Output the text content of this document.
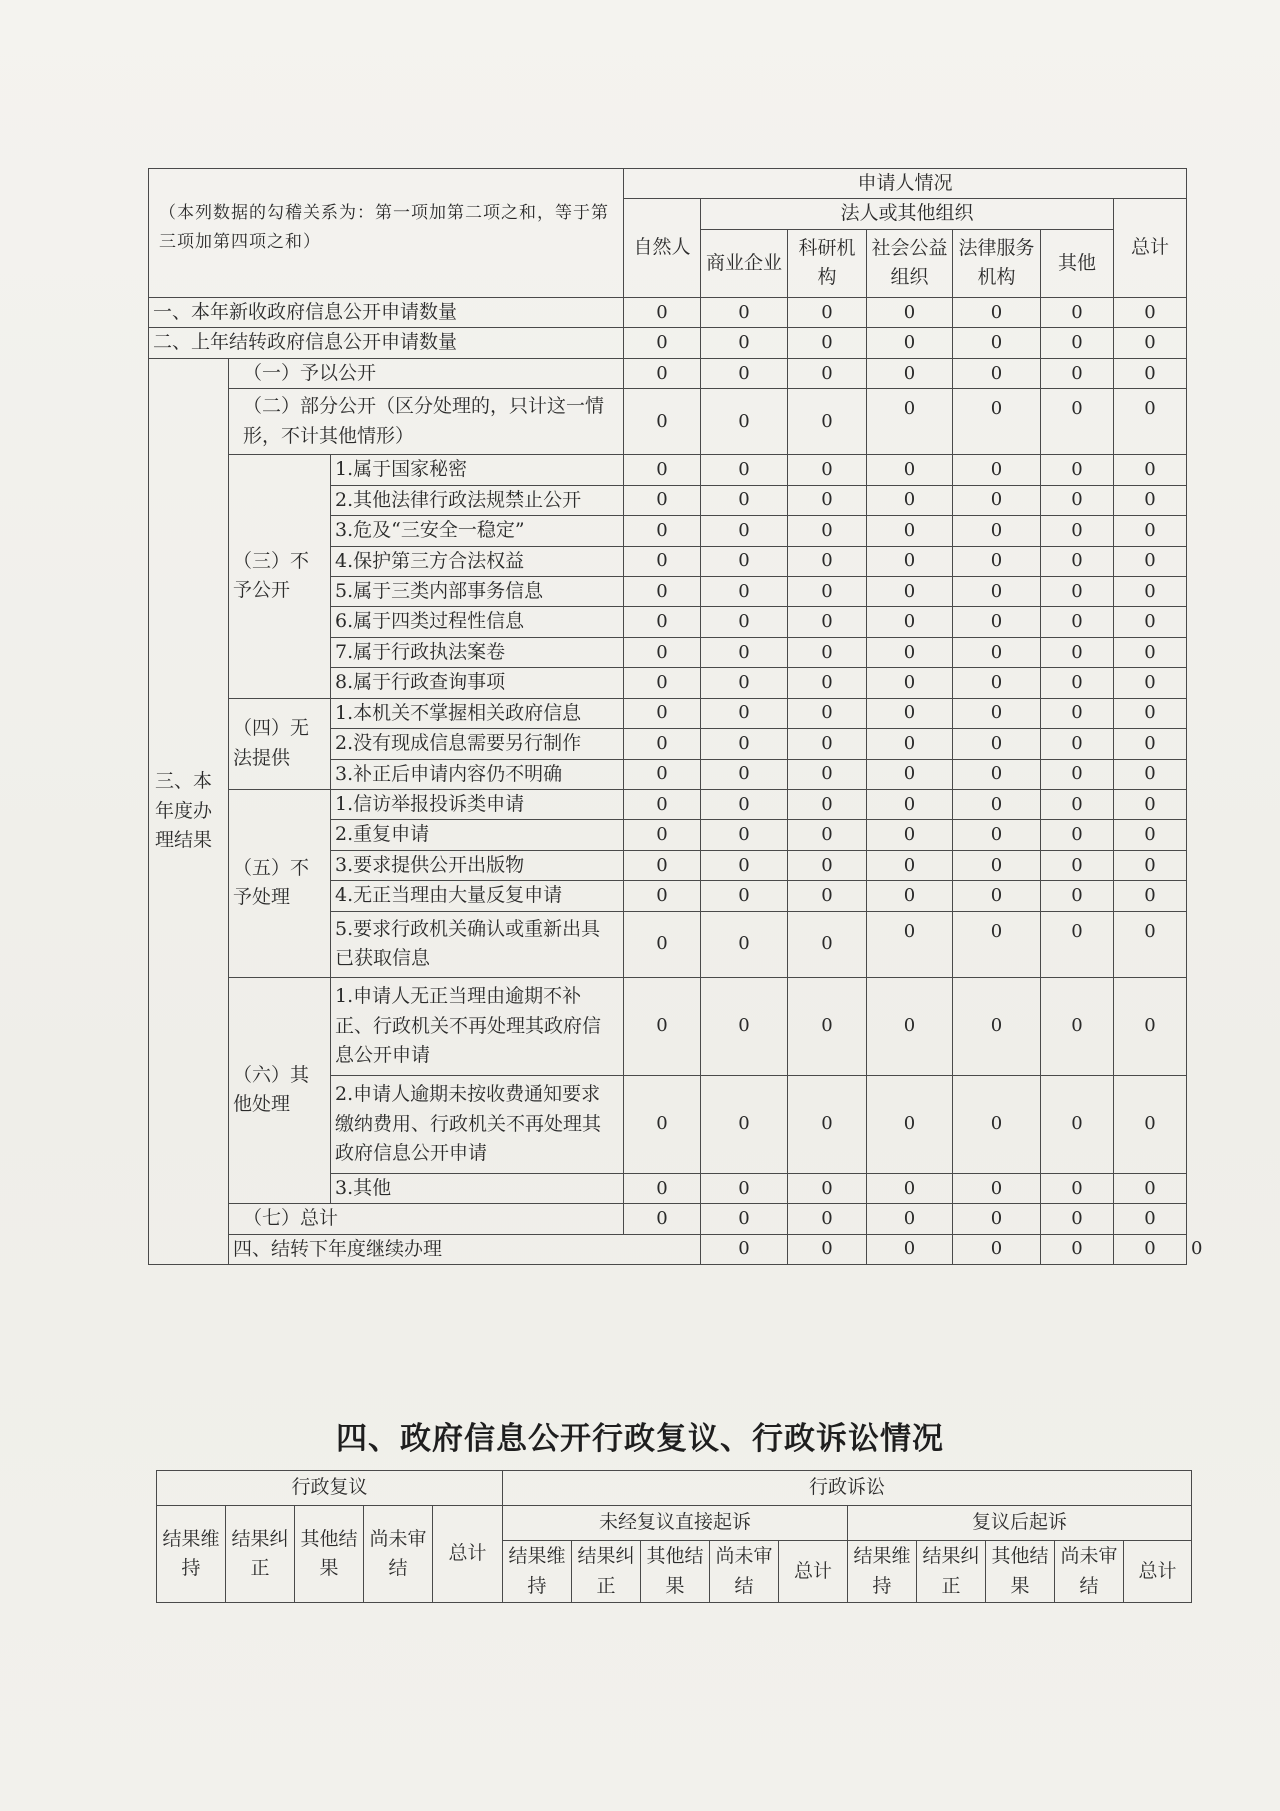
（本列数据的勾稽关系为：第一项加第二项之和，等于第三项加第四项之和）			申请人情况							
			自然人	法人或其他组织					总计	
				商业企业	科研机构	社会公益组织	法律服务机构	其他		
一、本年新收政府信息公开申请数量			0	0	0	0	0	0	0	
二、上年结转政府信息公开申请数量			0	0	0	0	0	0	0	
三、本年度办理结果	（一）予以公开		0	0	0	0	0	0	0	
	（二）部分公开（区分处理的，只计这一情形，不计其他情形）		0	0	0	0	0	0	0	
	（三）不予公开	1.属于国家秘密	0	0	0	0	0	0	0	
		2.其他法律行政法规禁止公开	0	0	0	0	0	0	0	
		3.危及“三安全一稳定”	0	0	0	0	0	0	0	
		4.保护第三方合法权益	0	0	0	0	0	0	0	
		5.属于三类内部事务信息	0	0	0	0	0	0	0	
		6.属于四类过程性信息	0	0	0	0	0	0	0	
		7.属于行政执法案卷	0	0	0	0	0	0	0	
		8.属于行政查询事项	0	0	0	0	0	0	0	
	（四）无法提供	1.本机关不掌握相关政府信息	0	0	0	0	0	0	0	
		2.没有现成信息需要另行制作	0	0	0	0	0	0	0	
		3.补正后申请内容仍不明确	0	0	0	0	0	0	0	
	（五）不予处理	1.信访举报投诉类申请	0	0	0	0	0	0	0	
		2.重复申请	0	0	0	0	0	0	0	
		3.要求提供公开出版物	0	0	0	0	0	0	0	
		4.无正当理由大量反复申请	0	0	0	0	0	0	0	
		5.要求行政机关确认或重新出具已获取信息	0	0	0	0	0	0	0	
	（六）其他处理	1.申请人无正当理由逾期不补正、行政机关不再处理其政府信息公开申请	0	0	0	0	0	0	0	
		2.申请人逾期未按收费通知要求缴纳费用、行政机关不再处理其政府信息公开申请	0	0	0	0	0	0	0	
		3.其他	0	0	0	0	0	0	0	
	（七）总计		0	0	0	0	0	0	0	
	四、结转下年度继续办理			0	0	0	0	0	0	0
四、政府信息公开行政复议、行政诉讼情况
行政复议					行政诉讼									
结果维持	结果纠正	其他结果	尚未审结	总计	未经复议直接起诉					复议后起诉				
					结果维持	结果纠正	其他结果	尚未审结	总计	结果维持	结果纠正	其他结果	尚未审结	总计
